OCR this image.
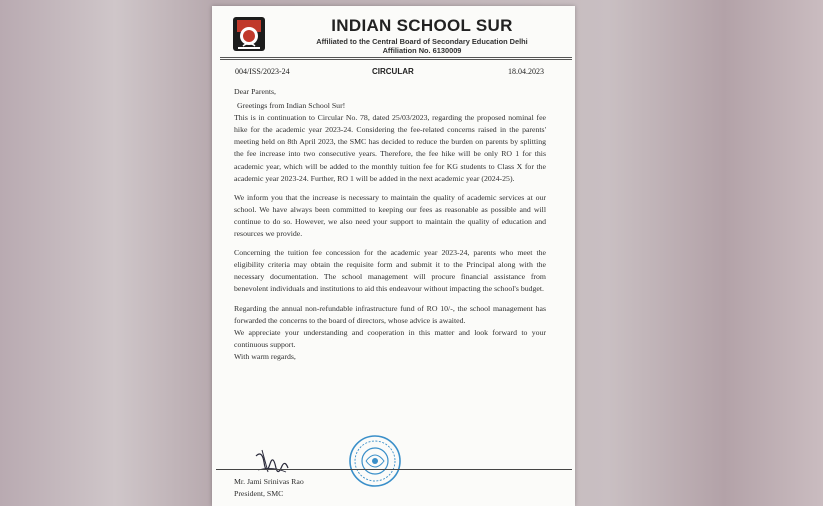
INDIAN SCHOOL SUR
Affiliated to the Central Board of Secondary Education Delhi
Affiliation No. 6130009
004/ISS/2023-24	CIRCULAR	18.04.2023

Dear Parents,

Greetings from Indian School Sur!

This is in continuation to Circular No. 78, dated 25/03/2023, regarding the proposed nominal fee hike for the academic year 2023-24. Considering the fee-related concerns raised in the parents' meeting held on 8th April 2023, the SMC has decided to reduce the burden on parents by splitting the fee increase into two consecutive years. Therefore, the fee hike will be only RO 1 for this academic year, which will be added to the monthly tuition fee for KG students to Class X for the academic year 2023-24. Further, RO 1 will be added in the next academic year (2024-25).

We inform you that the increase is necessary to maintain the quality of academic services at our school. We have always been committed to keeping our fees as reasonable as possible and will continue to do so. However, we also need your support to maintain the quality of education and resources we provide.

Concerning the tuition fee concession for the academic year 2023-24, parents who meet the eligibility criteria may obtain the requisite form and submit it to the Principal along with the necessary documentation. The school management will procure financial assistance from benevolent individuals and institutions to aid this endeavour without impacting the school's budget.

Regarding the annual non-refundable infrastructure fund of RO 10/-, the school management has forwarded the concerns to the board of directors, whose advice is awaited.

We appreciate your understanding and cooperation in this matter and look forward to your continuous support.

With warm regards,

Mr. Jami Srinivas Rao
President, SMC
